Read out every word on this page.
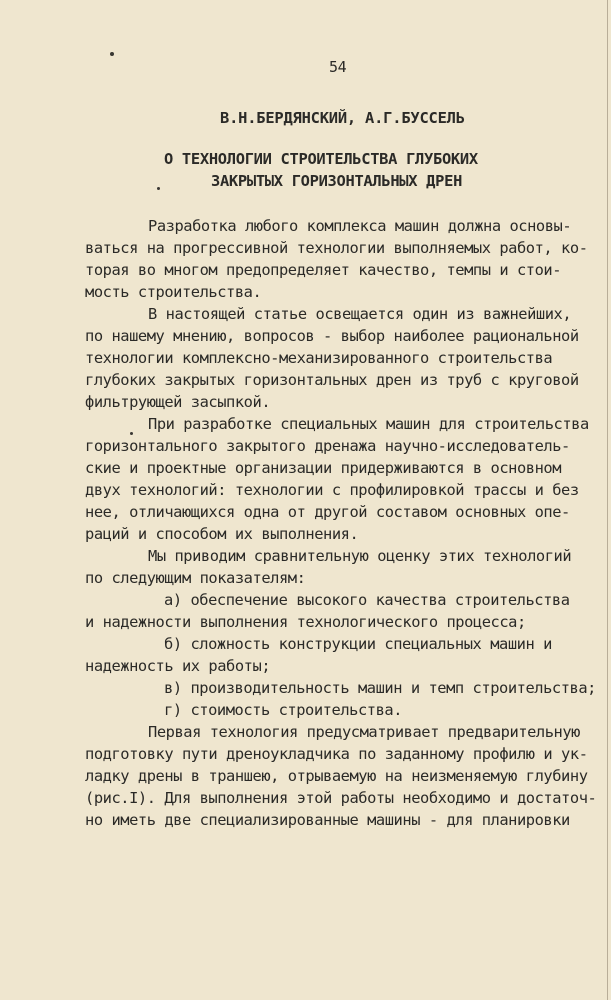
54
В.Н.БЕРДЯНСКИЙ, А.Г.БУССЕЛЬ
О ТЕХНОЛОГИИ СТРОИТЕЛЬСТВА ГЛУБОКИХ
ЗАКРЫТЫХ ГОРИЗОНТАЛЬНЫХ ДРЕН
Разработка любого комплекса машин должна основы-
ваться на прогрессивной технологии выполняемых работ, ко-
торая во многом предопределяет качество, темпы и стои-
мость строительства.
В настоящей статье освещается один из важнейших,
по нашему мнению, вопросов - выбор наиболее рациональной
технологии комплексно-механизированного строительства
глубоких закрытых горизонтальных дрен из труб с круговой
фильтрующей засыпкой.
При разработке специальных машин для строительства
горизонтального закрытого дренажа научно-исследователь-
ские и проектные организации придерживаются в основном
двух технологий: технологии с профилировкой трассы и без
нее, отличающихся одна от другой составом основных опе-
раций и способом их выполнения.
Мы приводим сравнительную оценку этих технологий
по следующим показателям:
а) обеспечение высокого качества строительства
и надежности выполнения технологического процесса;
б) сложность конструкции специальных машин и
надежность их работы;
в) производительность машин и темп строительства;
г) стоимость строительства.
Первая технология предусматривает предварительную
подготовку пути дреноукладчика по заданному профилю и ук-
ладку дрены в траншею, отрываемую на неизменяемую глубину
(рис.I). Для выполнения этой работы необходимо и достаточ-
но иметь две специализированные машины - для планировки
